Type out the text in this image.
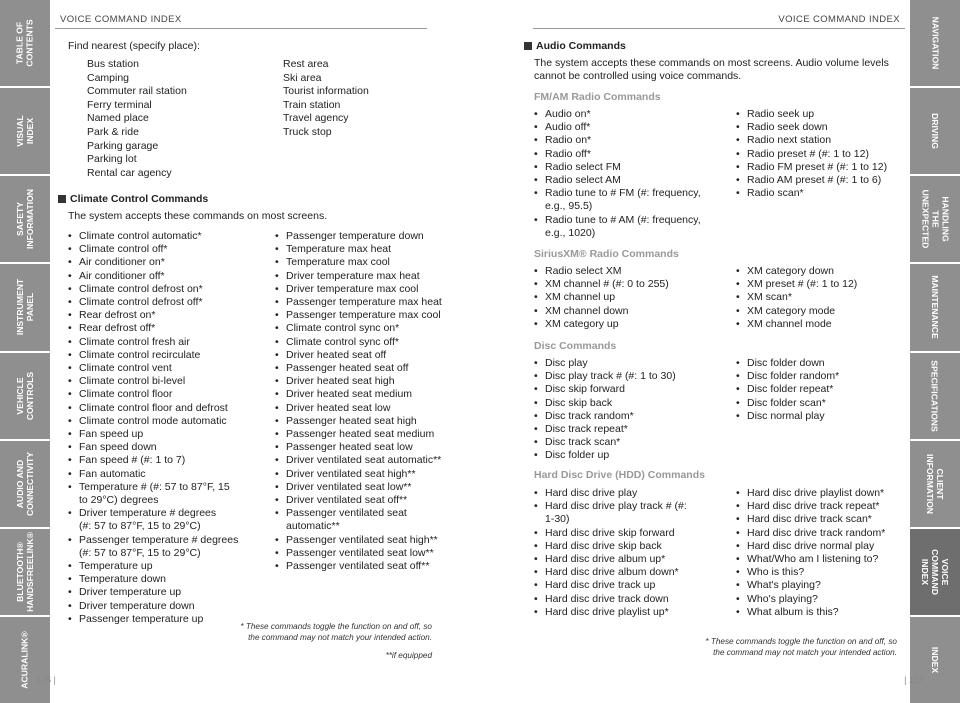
TABLE OF
CONTENTS
VISUAL INDEX
SAFETY
INFORMATION
INSTRUMENT
PANEL
VEHICLE
CONTROLS
AUDIO AND
CONNECTIVITY
BLUETOOTH®
HANDSFREELINK®
ACURALINK®
NAVIGATION
DRIVING
HANDLING THE
UNEXPECTED
MAINTENANCE
SPECIFICATIONS
CLIENT
INFORMATION
VOICE COMMAND
INDEX
INDEX
VOICE COMMAND INDEX	VOICE COMMAND INDEX
Find nearest (specify place):
Bus station
Camping
Commuter rail station
Ferry terminal
Named place
Park & ride
Parking garage
Parking lot
Rental car agency
Rest area
Ski area
Tourist information
Train station
Travel agency
Truck stop
Climate Control Commands
The system accepts these commands on most screens.
• Climate control automatic*
• Climate control off*
• Air conditioner on*
• Air conditioner off*
• Climate control defrost on*
• Climate control defrost off*
• Rear defrost on*
• Rear defrost off*
• Climate control fresh air
• Climate control recirculate
• Climate control vent
• Climate control bi-level
• Climate control floor
• Climate control floor and defrost
• Climate control mode automatic
• Fan speed up
• Fan speed down
• Fan speed # (#: 1 to 7)
• Fan automatic
• Temperature # (#: 57 to 87°F, 15
to 29°C) degrees
• Driver temperature # degrees
(#: 57 to 87°F, 15 to 29°C)
• Passenger temperature # degrees
(#: 57 to 87°F, 15 to 29°C)
• Temperature up
• Temperature down
• Driver temperature up
• Driver temperature down
• Passenger temperature up
• Passenger temperature down
• Temperature max heat
• Temperature max cool
• Driver temperature max heat
• Driver temperature max cool
• Passenger temperature max heat
• Passenger temperature max cool
• Climate control sync on*
• Climate control sync off*
• Driver heated seat off
• Passenger heated seat off
• Driver heated seat high
• Driver heated seat medium
• Driver heated seat low
• Passenger heated seat high
• Passenger heated seat medium
• Passenger heated seat low
• Driver ventilated seat automatic**
• Driver ventilated seat high**
• Driver ventilated seat low**
• Driver ventilated seat off**
• Passenger ventilated seat
automatic**
• Passenger ventilated seat high**
• Passenger ventilated seat low**
• Passenger ventilated seat off**
* These commands toggle the function on and off, so
the command may not match your intended action.
**if equipped
Audio Commands
The system accepts these commands on most screens. Audio volume levels
cannot be controlled using voice commands.
FM/AM Radio Commands
• Audio on*
• Audio off*
• Radio on*
• Radio off*
• Radio select FM
• Radio select AM
• Radio tune to # FM (#: frequency,
e.g., 95.5)
• Radio tune to # AM (#: frequency,
e.g., 1020)
• Radio seek up
• Radio seek down
• Radio next station
• Radio preset # (#: 1 to 12)
• Radio FM preset # (#: 1 to 12)
• Radio AM preset # (#: 1 to 6)
• Radio scan*
SiriusXM® Radio Commands
• Radio select XM
• XM channel # (#: 0 to 255)
• XM channel up
• XM channel down
• XM category up
• XM category down
• XM preset # (#: 1 to 12)
• XM scan*
• XM category mode
• XM channel mode
Disc Commands
• Disc play
• Disc play track # (#: 1 to 30)
• Disc skip forward
• Disc skip back
• Disc track random*
• Disc track repeat*
• Disc track scan*
• Disc folder up
• Disc folder down
• Disc folder random*
• Disc folder repeat*
• Disc folder scan*
• Disc normal play
Hard Disc Drive (HDD) Commands
• Hard disc drive play
• Hard disc drive play track # (#:
1-30)
• Hard disc drive skip forward
• Hard disc drive skip back
• Hard disc drive album up*
• Hard disc drive album down*
• Hard disc drive track up
• Hard disc drive track down
• Hard disc drive playlist up*
• Hard disc drive playlist down*
• Hard disc drive track repeat*
• Hard disc drive track scan*
• Hard disc drive track random*
• Hard disc drive normal play
• What/Who am I listening to?
• Who is this?
• What's playing?
• Who's playing?
• What album is this?
* These commands toggle the function on and off, so
the command may not match your intended action.
136 |	| 137
